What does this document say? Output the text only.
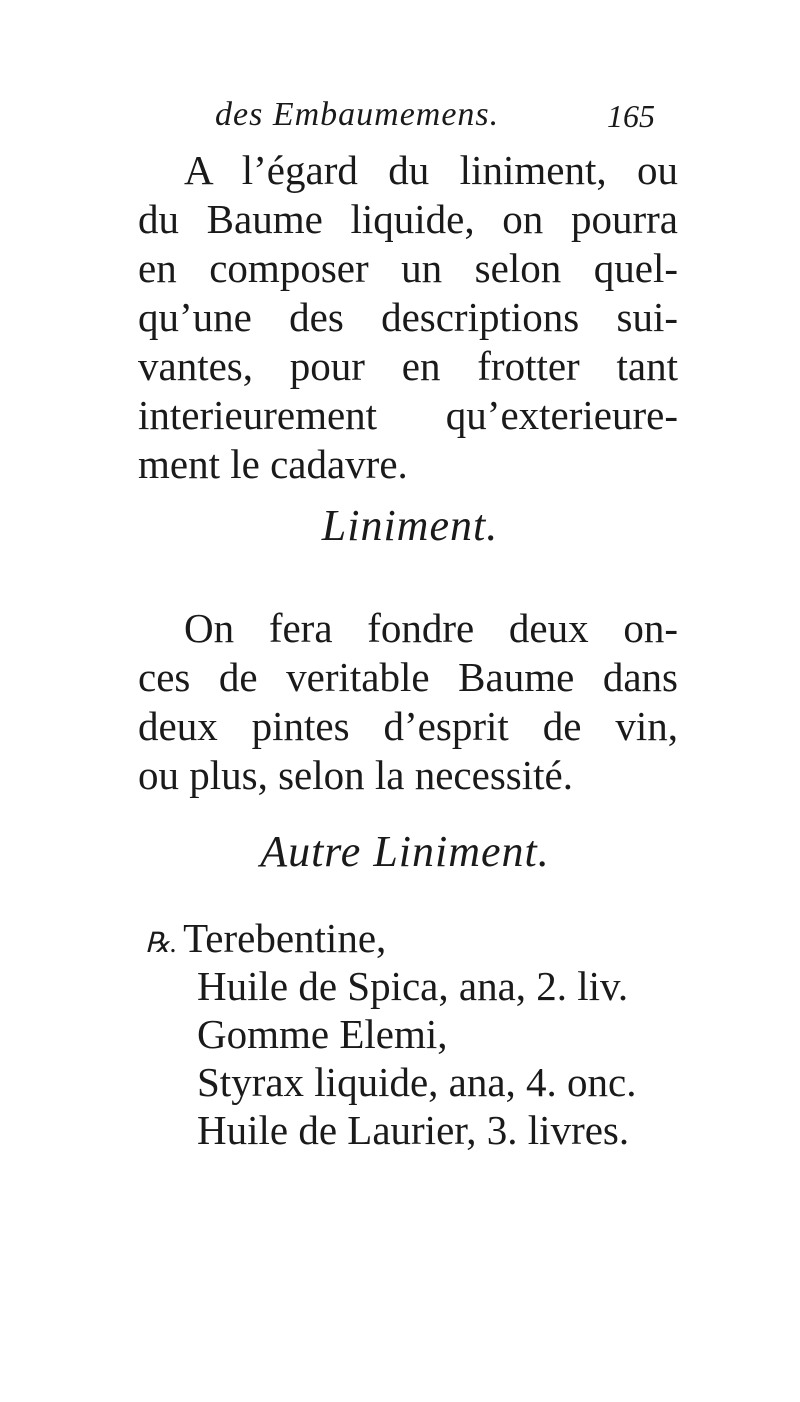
des Embaumemens.	165
A l’égard du liniment, ou
du Baume liquide, on pourra
en composer un selon quel-
qu’une des descriptions sui-
vantes, pour en frotter tant
interieurement qu’exterieure-
ment le cadavre.
Liniment.
On fera fondre deux on-
ces de veritable Baume dans
deux pintes d’esprit de vin,
ou plus, selon la necessité.
Autre Liniment.
℞. Terebentine,
Huile de Spica, ana, 2. liv.
Gomme Elemi,
Styrax liquide, ana, 4. onc.
Huile de Laurier, 3. livres.
